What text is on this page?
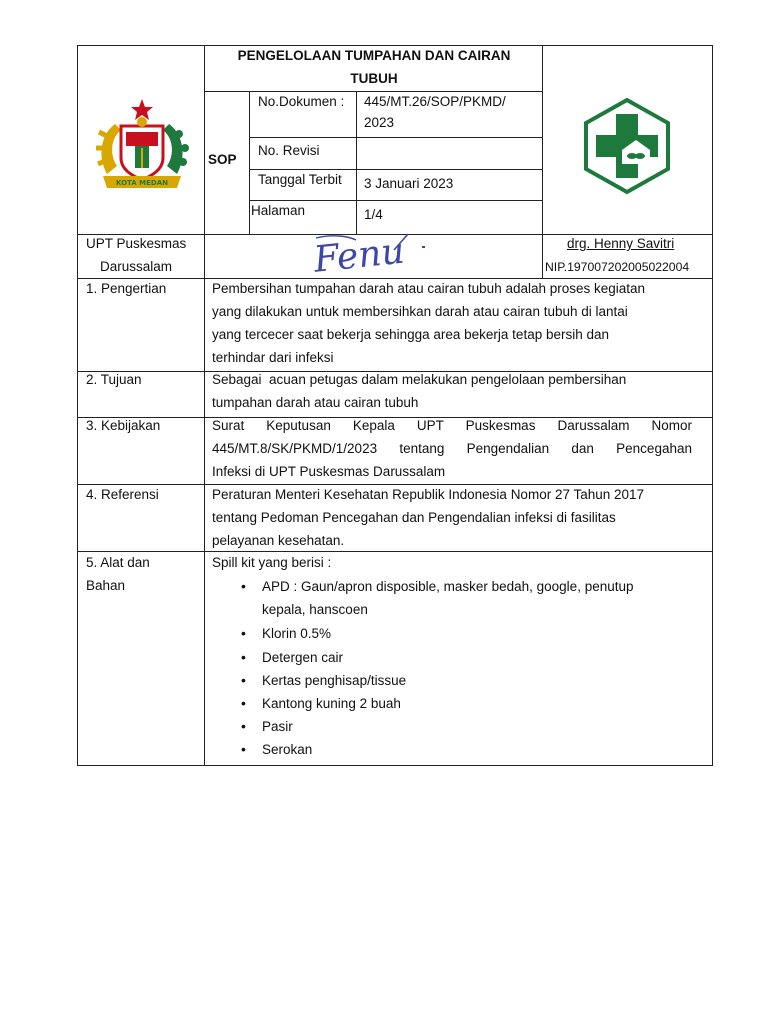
PENGELOLAAN TUMPAHAN DAN CAIRAN
TUBUH
KOTA MEDAN
SOP
No.Dokumen : 445/MT.26/SOP/PKMD/
2023
No. Revisi
Tanggal Terbit 3 Januari 2023
Halaman	1/4
UPT Puskesmas
Darussalam	Fenu	drg. Henny Savitri
NIP.197007202005022004
1. Pengertian	Pembersihan tumpahan darah atau cairan tubuh adalah proses kegiatan
yang dilakukan untuk membersihkan darah atau cairan tubuh di lantai
yang tercecer saat bekerja sehingga area bekerja tetap bersih dan
terhindar dari infeksi
2. Tujuan	Sebagai  acuan petugas dalam melakukan pengelolaan pembersihan
tumpahan darah atau cairan tubuh
3. Kebijakan	Surat Keputusan Kepala UPT Puskesmas Darussalam Nomor
445/MT.8/SK/PKMD/1/2023 tentang Pengendalian dan Pencegahan
Infeksi di UPT Puskesmas Darussalam
4. Referensi	Peraturan Menteri Kesehatan Republik Indonesia Nomor 27 Tahun 2017
tentang Pedoman Pencegahan dan Pengendalian infeksi di fasilitas
pelayanan kesehatan.
5. Alat dan
Bahan
Spill kit yang berisi :
• APD : Gaun/apron disposible, masker bedah, google, penutup
kepala, hanscoen
• Klorin 0.5%
• Detergen cair
• Kertas penghisap/tissue
• Kantong kuning 2 buah
• Pasir
• Serokan
